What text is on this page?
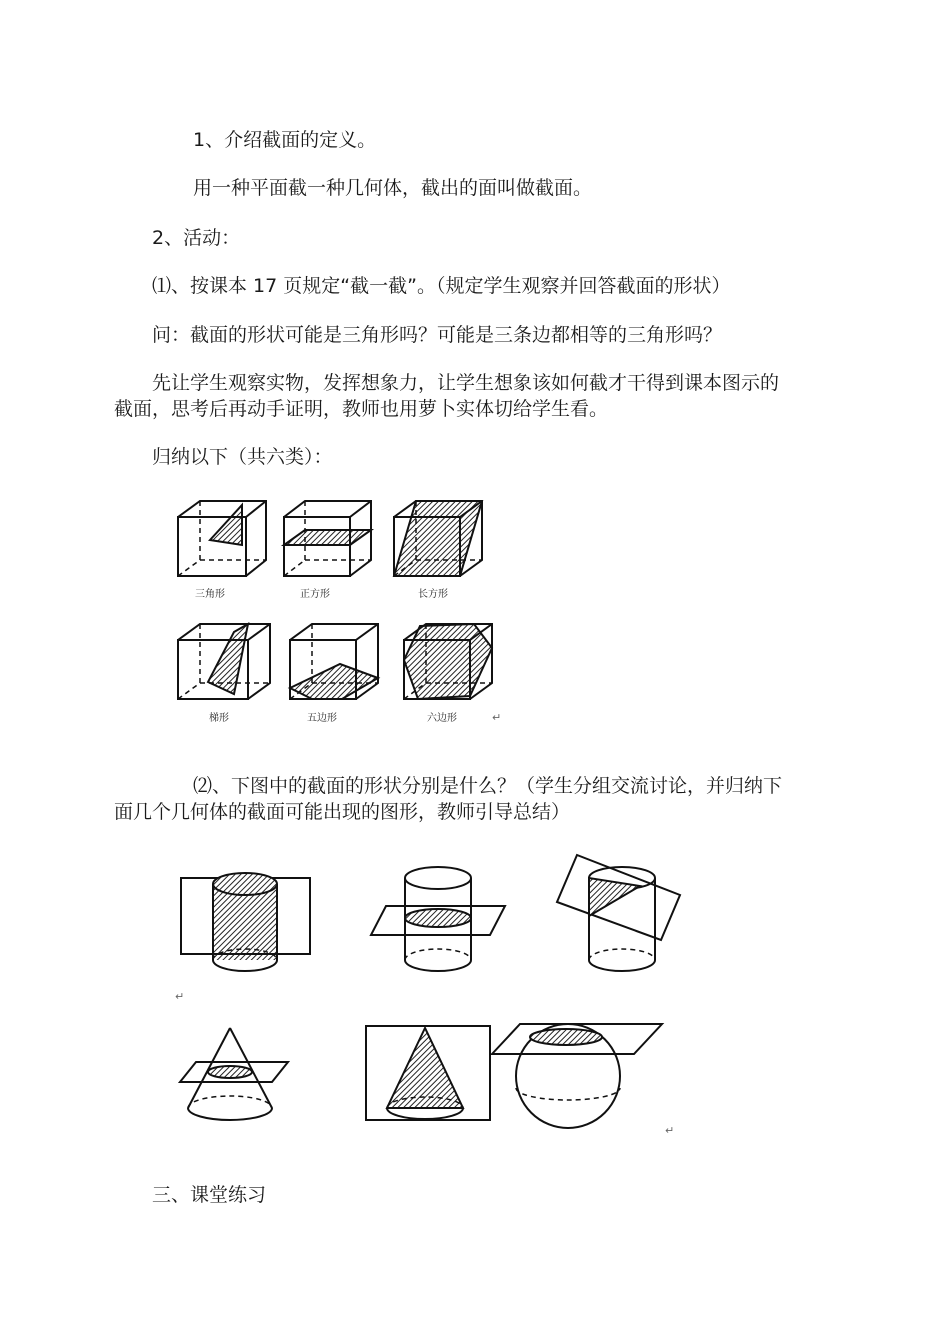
1、介绍截面的定义。
用一种平面截一种几何体，截出的面叫做截面。
2、活动：
⑴、按课本 17 页规定“截一截”。（规定学生观察并回答截面的形状）
问：截面的形状可能是三角形吗？可能是三条边都相等的三角形吗？
先让学生观察实物，发挥想象力，让学生想象该如何截才干得到课本图示的
截面，思考后再动手证明，教师也用萝卜实体切给学生看。
归纳以下（共六类）：
三角形	正方形	长方形
梯形	五边形	六边形	↵
⑵、下图中的截面的形状分别是什么？（学生分组交流讨论，并归纳下
面几个几何体的截面可能出现的图形，教师引导总结）
↵
↵
三、课堂练习
